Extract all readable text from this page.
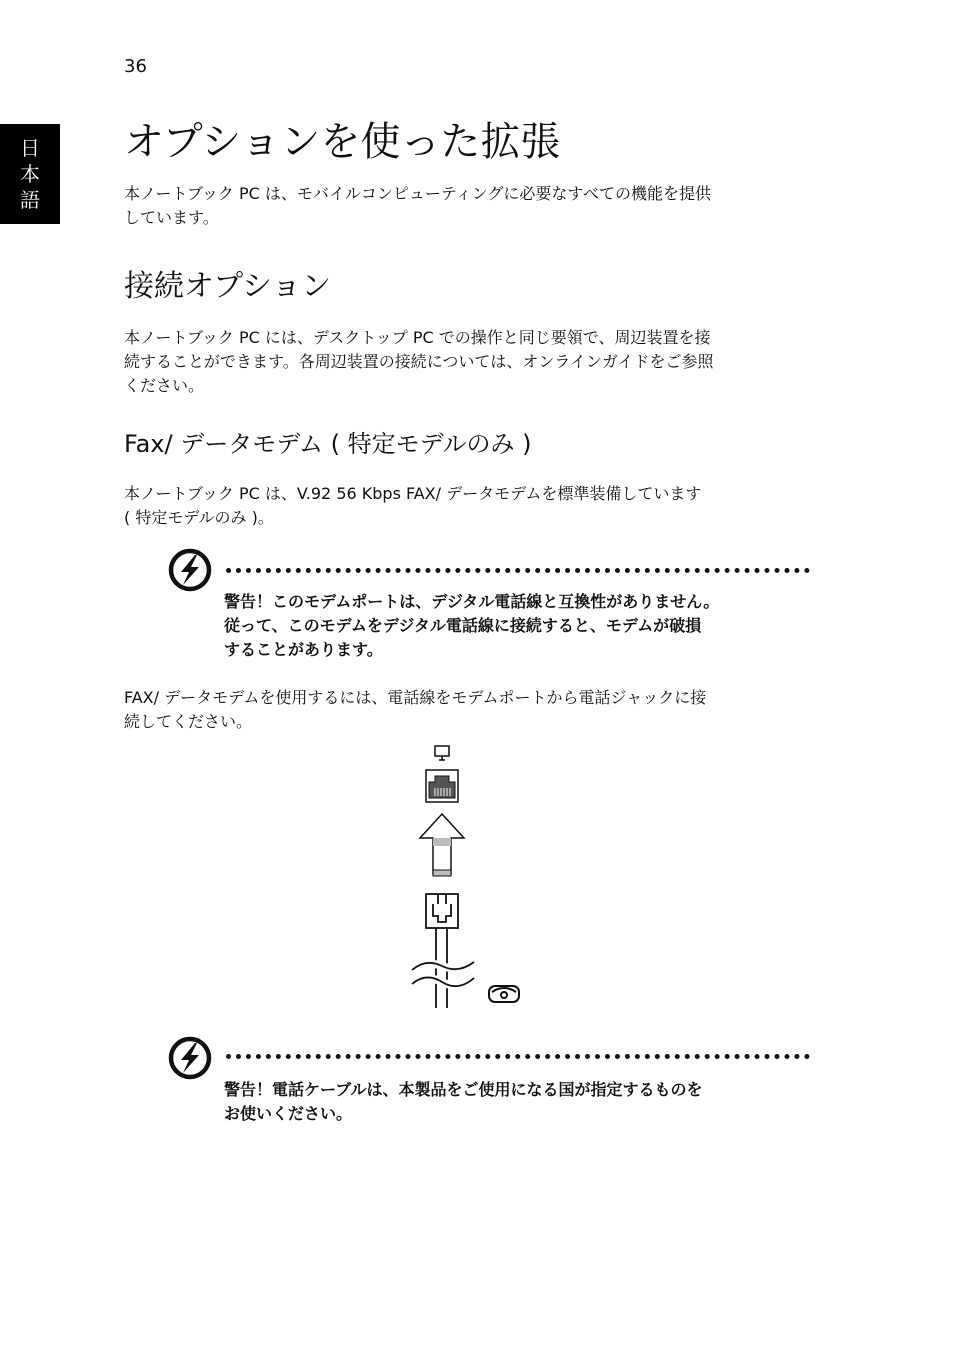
36
日
本
語
オプションを使った拡張

本ノートブック PC は、モバイルコンピューティングに必要なすべての機能を提供
しています。

接続オプション

本ノートブック PC には、デスクトップ PC での操作と同じ要領で、周辺装置を接
続することができます。各周辺装置の接続については、オンラインガイドをご参照
ください。

Fax/ データモデム ( 特定モデルのみ )

本ノートブック PC は、V.92 56 Kbps FAX/ データモデムを標準装備しています
( 特定モデルのみ )。

警告！このモデムポートは、デジタル電話線と互換性がありません。
従って、このモデムをデジタル電話線に接続すると、モデムが破損
することがあります。

FAX/ データモデムを使用するには、電話線をモデムポートから電話ジャックに接
続してください。

警告！電話ケーブルは、本製品をご使用になる国が指定するものを
お使いください。
